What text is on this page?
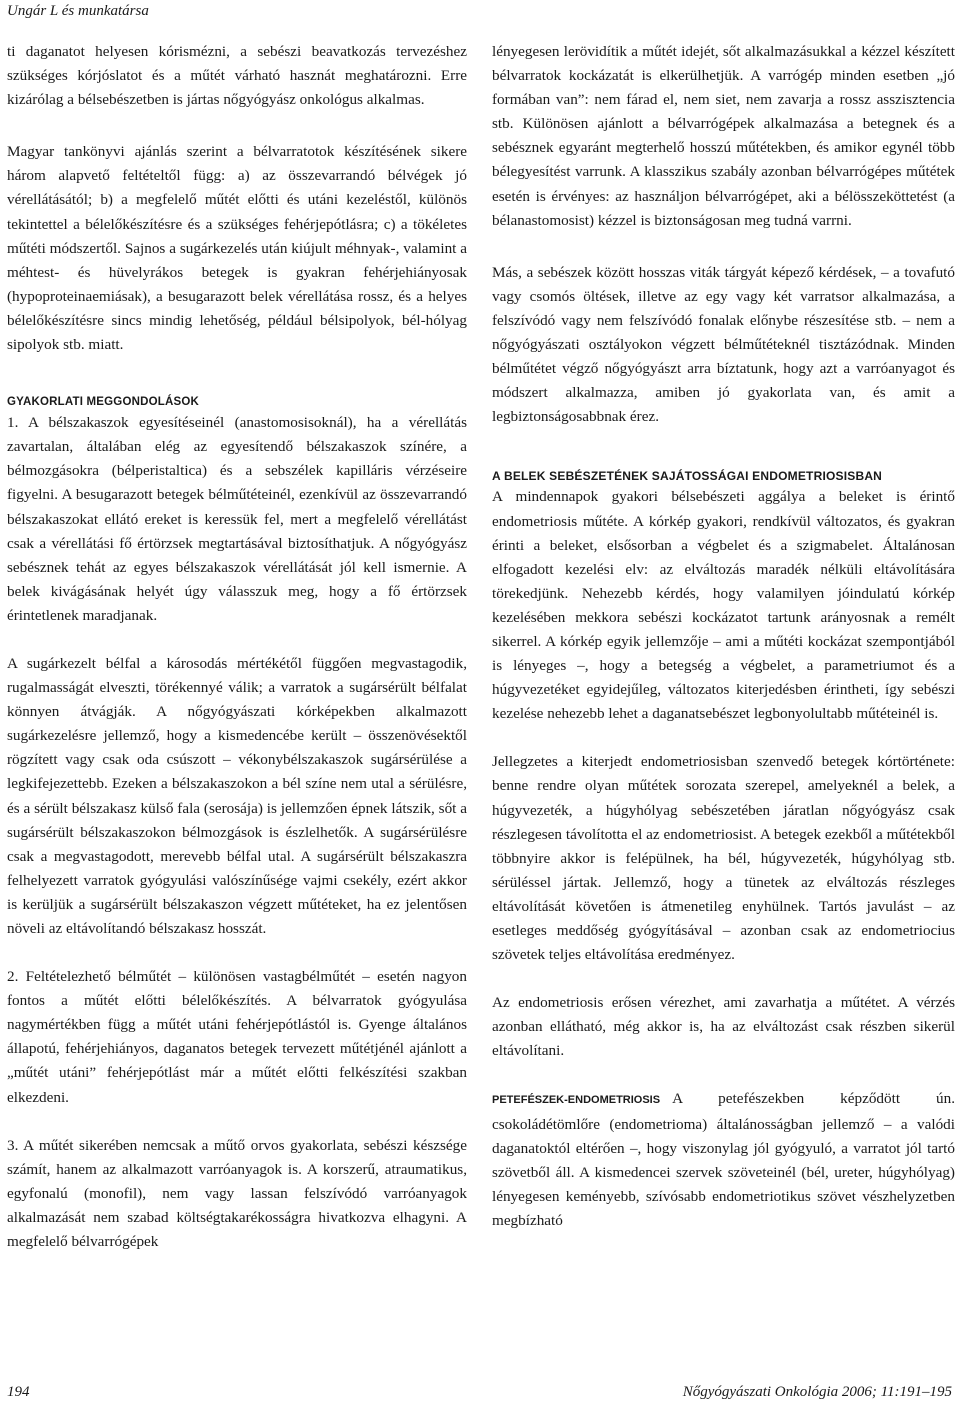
Ungár L és munkatársa

ti daganatot helyesen kórismézni, a sebészi beavatkozás tervezéshez szükséges kórjóslatot és a műtét várható hasznát meghatározni. Erre kizárólag a bélsebészetben is jártas nőgyógyász onkológus alkalmas.

Magyar tankönyvi ajánlás szerint a bélvarratotok készítésének sikere három alapvető feltételtől függ: a) az összevarrandó bélvégek jó vérellátásától; b) a megfelelő műtét előtti és utáni kezeléstől, különös tekintettel a bélelőkészítésre és a szükséges fehérjepótlásra; c) a tökéletes műtéti módszertől. Sajnos a sugárkezelés után kiújult méhnyak-, valamint a méhtest- és hüvelyrákos betegek is gyakran fehérjehiányosak (hypoproteinaemiásak), a besugarazott belek vérellátása rossz, és a helyes bélelőkészítésre sincs mindig lehetőség, például bélsipolyok, bél-hólyag sipolyok stb. miatt.

GYAKORLATI MEGGONDOLÁSOK

1. A bélszakaszok egyesítéseinél (anastomosisoknál), ha a vérellátás zavartalan, általában elég az egyesítendő bélszakaszok színére, a bélmozgásokra (bélperistaltica) és a sebszélek kapilláris vérzéseire figyelni. A besugarazott betegek bélműtéteinél, ezenkívül az összevarrandó bélszakaszokat ellátó ereket is keressük fel, mert a megfelelő vérellátást csak a vérellátási fő értörzsek megtartásával biztosíthatjuk. A nőgyógyász sebésznek tehát az egyes bélszakaszok vérellátását jól kell ismernie. A belek kivágásának helyét úgy válasszuk meg, hogy a fő értörzsek érintetlenek maradjanak.

A sugárkezelt bélfal a károsodás mértékétől függően megvastagodik, rugalmasságát elveszti, törékennyé válik; a varratok a sugársérült bélfalat könnyen átvágják. A nőgyógyászati kórképekben alkalmazott sugárkezelésre jellemző, hogy a kismedencébe került – összenövésektől rögzített vagy csak oda csúszott – vékonybélszakaszok sugársérülése a legkifejezettebb. Ezeken a bélszakaszokon a bél színe nem utal a sérülésre, és a sérült bélszakasz külső fala (serosája) is jellemzően épnek látszik, sőt a sugársérült bélszakaszokon bélmozgások is észlelhetők. A sugársérülésre csak a megvastagodott, merevebb bélfal utal. A sugársérült bélszakaszra felhelyezett varratok gyógyulási valószínűsége vajmi csekély, ezért akkor is kerüljük a sugársérült bélszakaszon végzett műtéteket, ha ez jelentősen növeli az eltávolítandó bélszakasz hosszát.

2. Feltételezhető bélműtét – különösen vastagbélműtét – esetén nagyon fontos a műtét előtti bélelőkészítés. A bélvarratok gyógyulása nagymértékben függ a műtét utáni fehérjepótlástól is. Gyenge általános állapotú, fehérjehiányos, daganatos betegek tervezett műtétjénél ajánlott a „műtét utáni” fehérjepótlást már a műtét előtti felkészítési szakban elkezdeni.

3. A műtét sikerében nemcsak a műtő orvos gyakorlata, sebészi készsége számít, hanem az alkalmazott varróanyagok is. A korszerű, atraumatikus, egyfonalú (monofil), nem vagy lassan felszívódó varróanyagok alkalmazását nem szabad költségtakarékosságra hivatkozva elhagyni. A megfelelő bélvarrógépek

lényegesen lerövidítik a műtét idejét, sőt alkalmazásukkal a kézzel készített bélvarratok kockázatát is elkerülhetjük. A varrógép minden esetben „jó formában van”: nem fárad el, nem siet, nem zavarja a rossz asszisztencia stb. Különösen ajánlott a bélvarrógépek alkalmazása a betegnek és a sebésznek egyaránt megterhelő hosszú műtétekben, és amikor egynél több bélegyesítést varrunk. A klasszikus szabály azonban bélvarrógépes műtétek esetén is érvényes: az használjon bélvarrógépet, aki a bélösszeköttetést (a bélanastomosist) kézzel is biztonságosan meg tudná varrni.

Más, a sebészek között hosszas viták tárgyát képező kérdések, – a tovafutó vagy csomós öltések, illetve az egy vagy két varratsor alkalmazása, a felszívódó vagy nem felszívódó fonalak előnybe részesítése stb. – nem a nőgyógyászati osztályokon végzett bélműtéteknél tisztázódnak. Minden bélműtétet végző nőgyógyászt arra bíztatunk, hogy azt a varróanyagot és módszert alkalmazza, amiben jó gyakorlata van, és amit a legbiztonságosabbnak érez.

A BELEK SEBÉSZETÉNEK SAJÁTOSSÁGAI ENDOMETRIOSISBAN

A mindennapok gyakori bélsebészeti aggálya a beleket is érintő endometriosis műtéte. A kórkép gyakori, rendkívül változatos, és gyakran érinti a beleket, elsősorban a végbelet és a szigmabelet. Általánosan elfogadott kezelési elv: az elváltozás maradék nélküli eltávolítására törekedjünk. Nehezebb kérdés, hogy valamilyen jóindulatú kórkép kezelésében mekkora sebészi kockázatot tartunk arányosnak a remélt sikerrel. A kórkép egyik jellemzője – ami a műtéti kockázat szempontjából is lényeges –, hogy a betegség a végbelet, a parametriumot és a húgyvezetéket egyidejűleg, változatos kiterjedésben érintheti, így sebészi kezelése nehezebb lehet a daganatsebészet legbonyolultabb műtéteinél is.

Jellegzetes a kiterjedt endometriosisban szenvedő betegek kórtörténete: benne rendre olyan műtétek sorozata szerepel, amelyeknél a belek, a húgyvezeték, a húgyhólyag sebészetében járatlan nőgyógyász csak részlegesen távolította el az endometriosist. A betegek ezekből a műtétekből többnyire akkor is felépülnek, ha bél, húgyvezeték, húgyhólyag stb. sérüléssel jártak. Jellemző, hogy a tünetek az elváltozás részleges eltávolítását követően is átmenetileg enyhülnek. Tartós javulást – az esetleges meddőség gyógyításával – azonban csak az endometriocius szövetek teljes eltávolítása eredményez.

Az endometriosis erősen vérezhet, ami zavarhatja a műtétet. A vérzés azonban ellátható, még akkor is, ha az elváltozást csak részben sikerül eltávolítani.

PETEFÉSZEK-ENDOMETRIOSIS A petefészekben képződött ún. csokoládétömlőre (endometrioma) általánosságban jellemző – a valódi daganatoktól eltérően –, hogy viszonylag jól gyógyuló, a varratot jól tartó szövetből áll. A kismedencei szervek szöveteinél (bél, ureter, húgyhólyag) lényegesen keményebb, szívósabb endometriotikus szövet vészhelyzetben megbízható

194	Nőgyógyászati Onkológia 2006; 11:191–195
